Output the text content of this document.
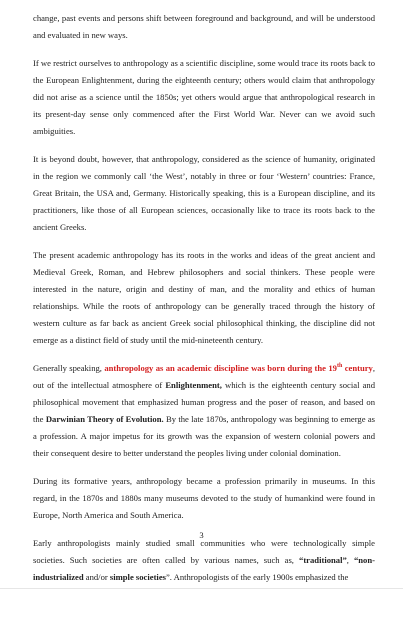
change, past events and persons shift between foreground and background, and will be understood and evaluated in new ways.

If we restrict ourselves to anthropology as a scientific discipline, some would trace its roots back to the European Enlightenment, during the eighteenth century; others would claim that anthropology did not arise as a science until the 1850s; yet others would argue that anthropological research in its present-day sense only commenced after the First World War. Never can we avoid such ambiguities.

It is beyond doubt, however, that anthropology, considered as the science of humanity, originated in the region we commonly call ‘the West’, notably in three or four ‘Western’ countries: France, Great Britain, the USA and, Germany. Historically speaking, this is a European discipline, and its practitioners, like those of all European sciences, occasionally like to trace its roots back to the ancient Greeks.

The present academic anthropology has its roots in the works and ideas of the great ancient and Medieval Greek, Roman, and Hebrew philosophers and social thinkers. These people were interested in the nature, origin and destiny of man, and the morality and ethics of human relationships. While the roots of anthropology can be generally traced through the history of western culture as far back as ancient Greek social philosophical thinking, the discipline did not emerge as a distinct field of study until the mid-nineteenth century.

Generally speaking, anthropology as an academic discipline was born during the 19th century, out of the intellectual atmosphere of Enlightenment, which is the eighteenth century social and philosophical movement that emphasized human progress and the poser of reason, and based on the Darwinian Theory of Evolution. By the late 1870s, anthropology was beginning to emerge as a profession. A major impetus for its growth was the expansion of western colonial powers and their consequent desire to better understand the peoples living under colonial domination.

During its formative years, anthropology became a profession primarily in museums. In this regard, in the 1870s and 1880s many museums devoted to the study of humankind were found in Europe, North America and South America.

Early anthropologists mainly studied small communities who were technologically simple societies. Such societies are often called by various names, such as, “traditional”, “non-industrialized and/or simple societies”. Anthropologists of the early 1900s emphasized the

3
